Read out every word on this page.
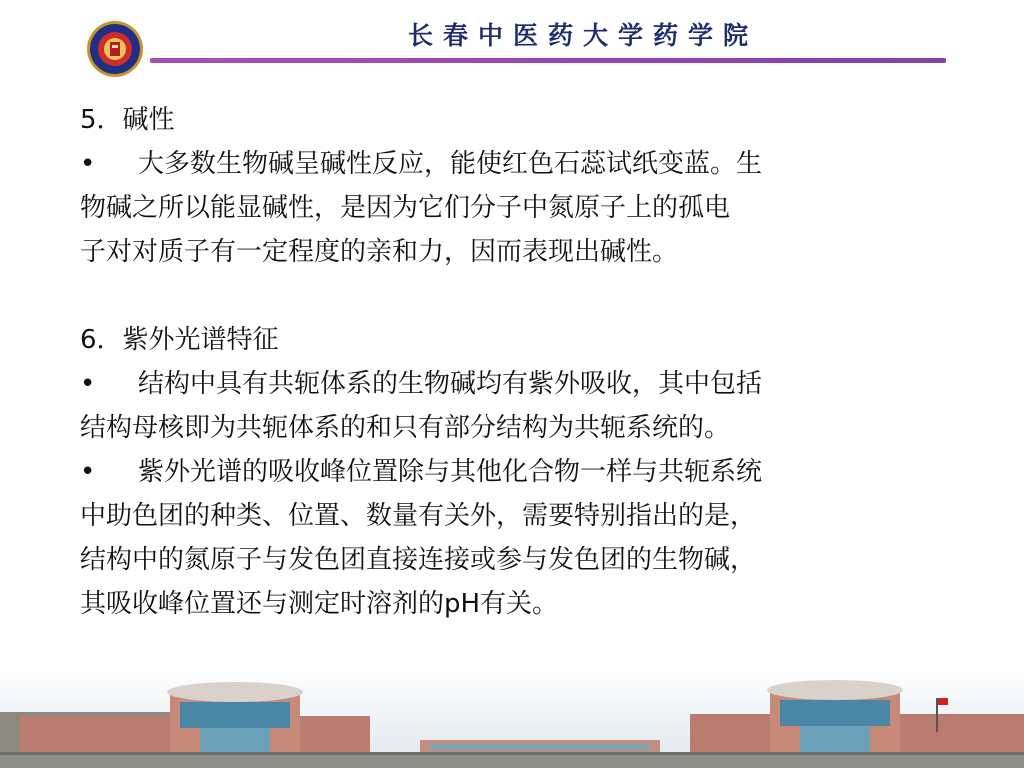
长春中医药大学药学院
5．碱性
• 大多数生物碱呈碱性反应，能使红色石蕊试纸变蓝。生
物碱之所以能显碱性，是因为它们分子中氮原子上的孤电
子对对质子有一定程度的亲和力，因而表现出碱性。
6．紫外光谱特征
• 结构中具有共轭体系的生物碱均有紫外吸收，其中包括
结构母核即为共轭体系的和只有部分结构为共轭系统的。
• 紫外光谱的吸收峰位置除与其他化合物一样与共轭系统
中助色团的种类、位置、数量有关外，需要特别指出的是，
结构中的氮原子与发色团直接连接或参与发色团的生物碱，
其吸收峰位置还与测定时溶剂的pH有关。
